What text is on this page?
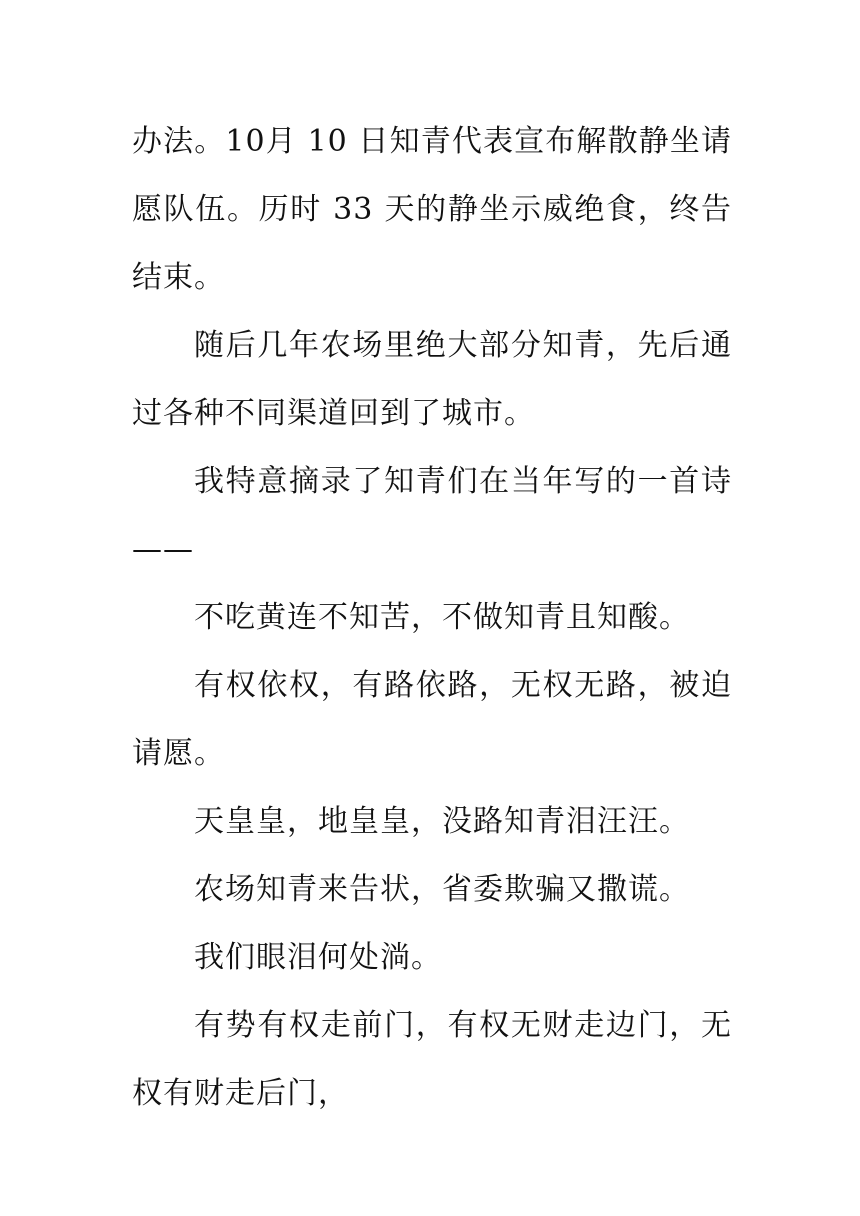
办法。10月 10 日知青代表宣布解散静坐请愿队伍。历时 33 天的静坐示威绝食，终告结束。

随后几年农场里绝大部分知青，先后通过各种不同渠道回到了城市。

我特意摘录了知青们在当年写的一首诗——

不吃黄连不知苦，不做知青且知酸。

有权依权，有路依路，无权无路，被迫请愿。

天皇皇，地皇皇，没路知青泪汪汪。

农场知青来告状，省委欺骗又撒谎。

我们眼泪何处淌。

有势有权走前门，有权无财走边门，无权有财走后门，
